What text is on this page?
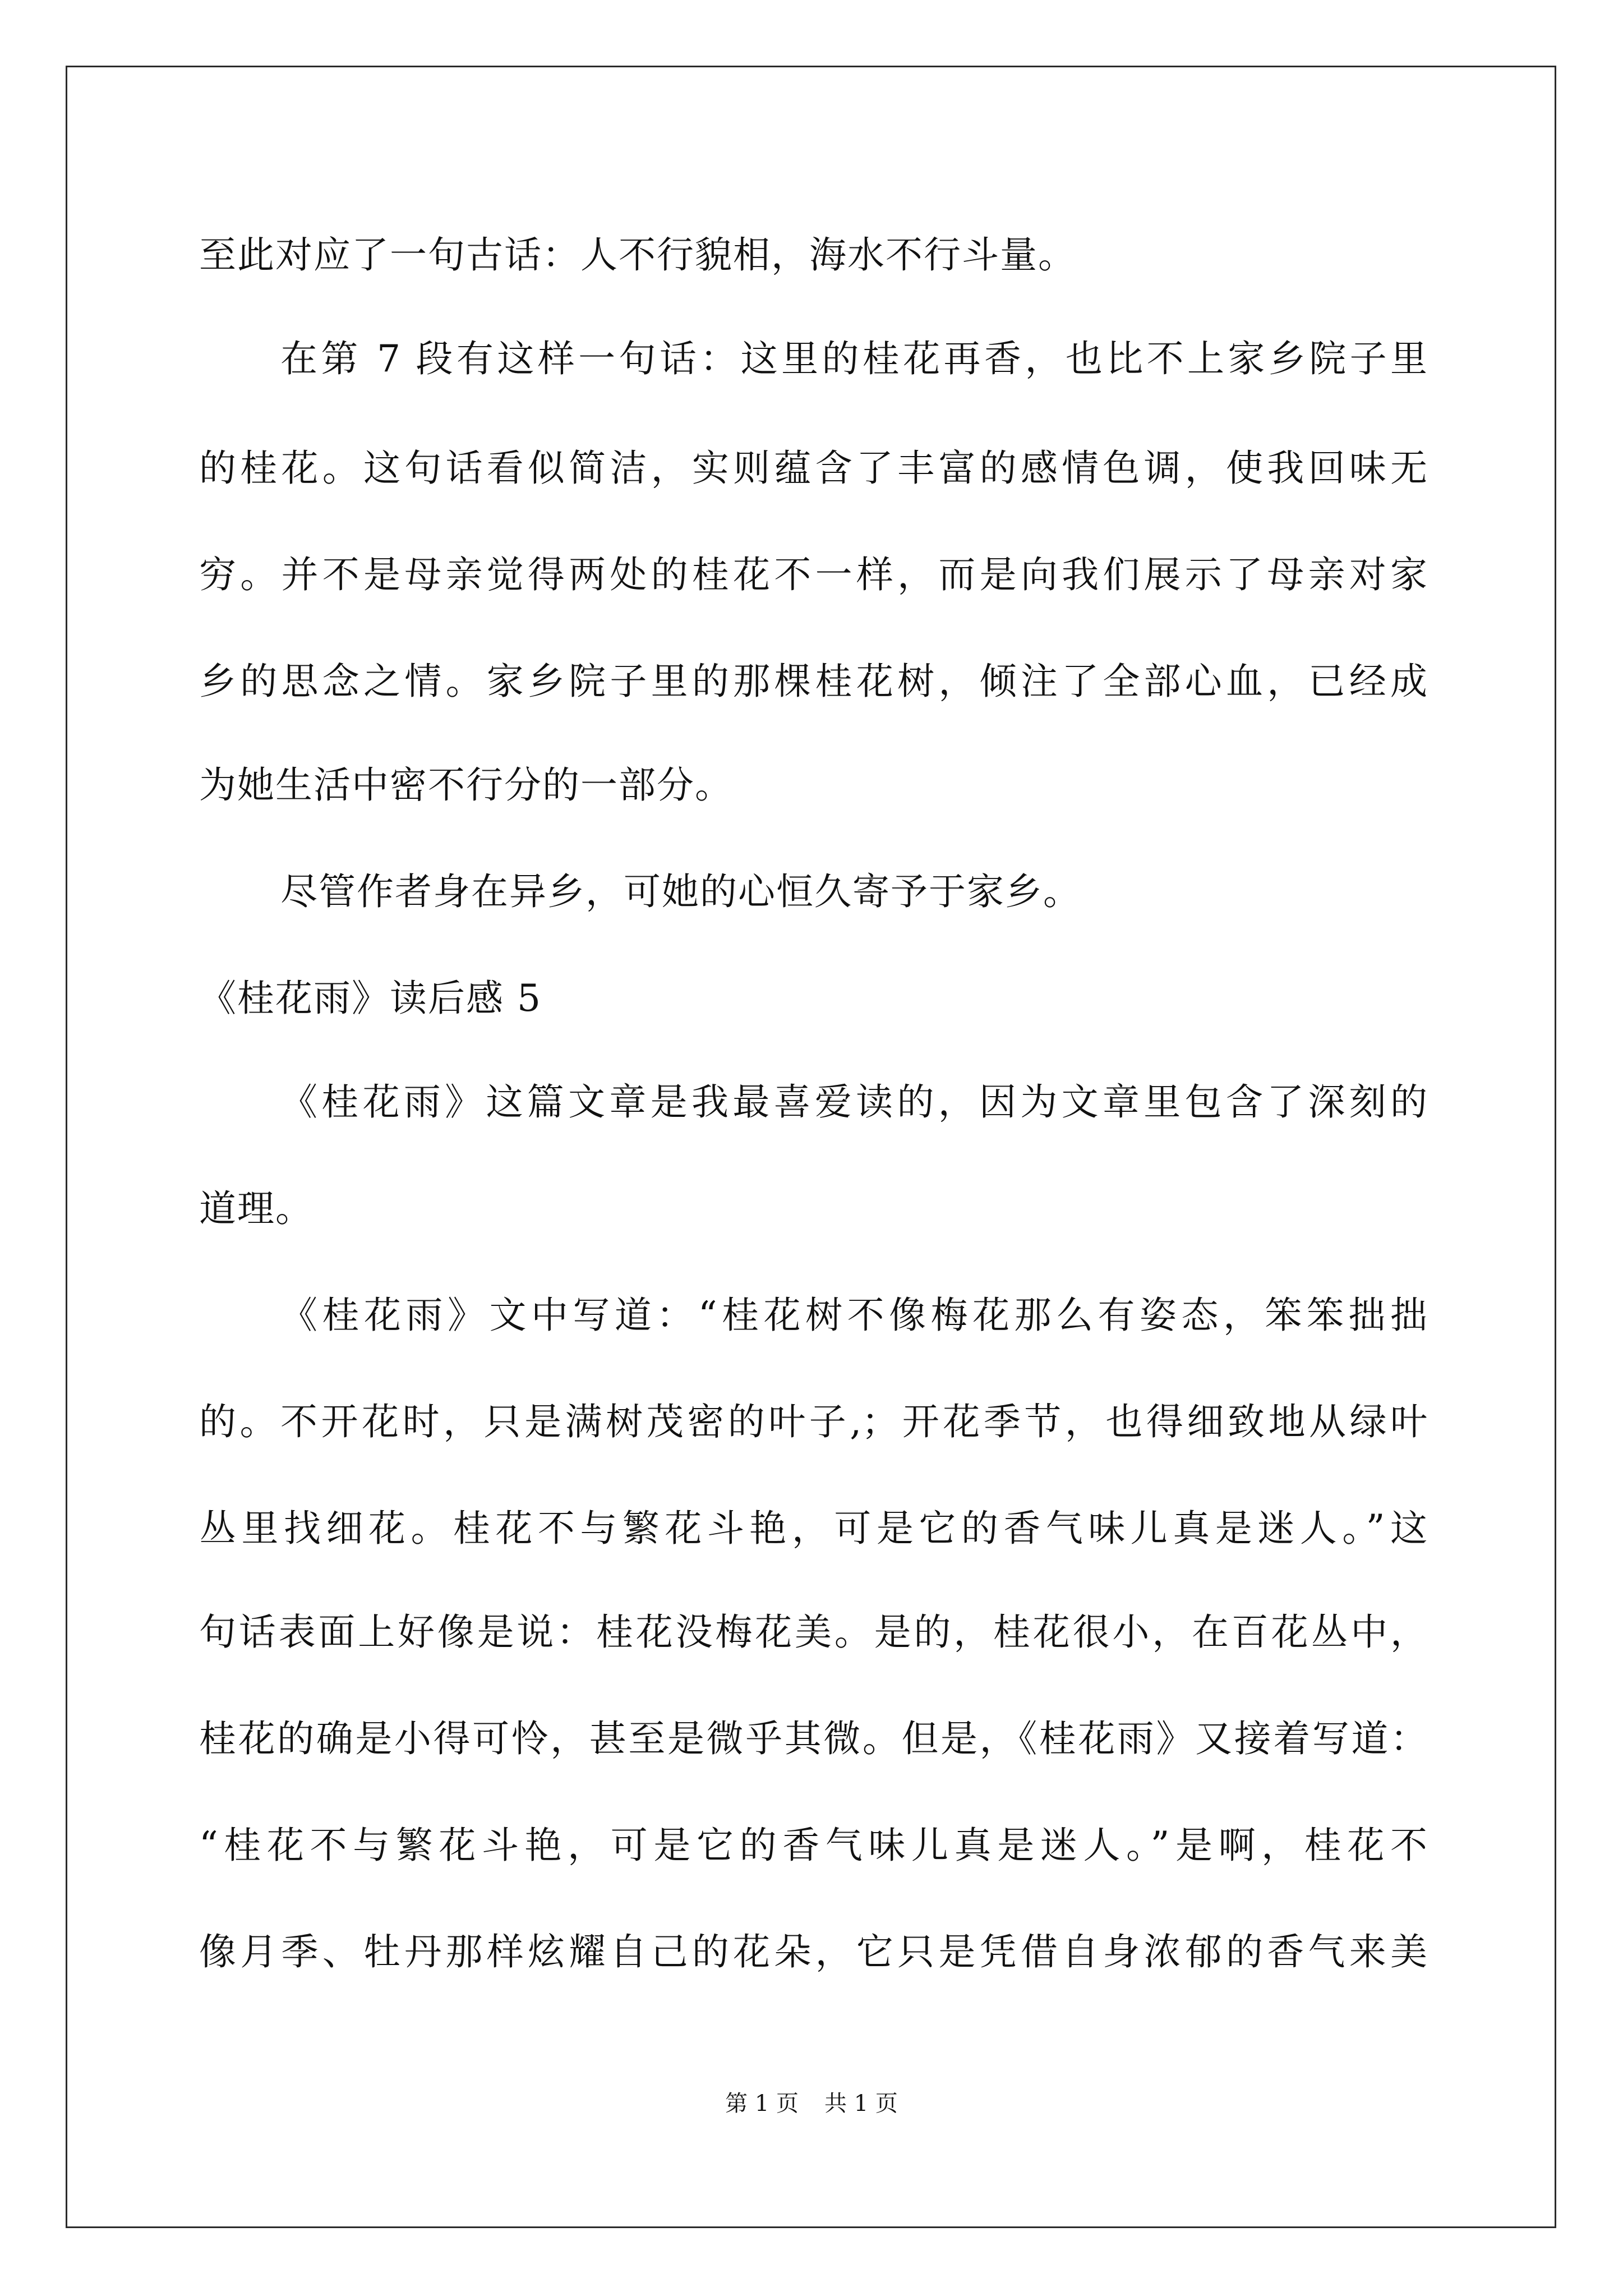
至此对应了一句古话：人不行貌相，海水不行斗量。
在第 7 段有这样一句话：这里的桂花再香，也比不上家乡院子里
的桂花。这句话看似简洁，实则蕴含了丰富的感情色调，使我回味无
穷。并不是母亲觉得两处的桂花不一样，而是向我们展示了母亲对家
乡的思念之情。家乡院子里的那棵桂花树，倾注了全部心血，已经成
为她生活中密不行分的一部分。
尽管作者身在异乡，可她的心恒久寄予于家乡。
《桂花雨》读后感 5
《桂花雨》这篇文章是我最喜爱读的，因为文章里包含了深刻的
道理。
《桂花雨》文中写道：“桂花树不像梅花那么有姿态，笨笨拙拙
的。不开花时，只是满树茂密的叶子,；开花季节，也得细致地从绿叶
丛里找细花。桂花不与繁花斗艳，可是它的香气味儿真是迷人。”这
句话表面上好像是说：桂花没梅花美。是的，桂花很小，在百花丛中，
桂花的确是小得可怜，甚至是微乎其微。但是，《桂花雨》又接着写道：
“桂花不与繁花斗艳，可是它的香气味儿真是迷人。”是啊，桂花不
像月季、牡丹那样炫耀自己的花朵，它只是凭借自身浓郁的香气来美
第 1 页 共 1 页
